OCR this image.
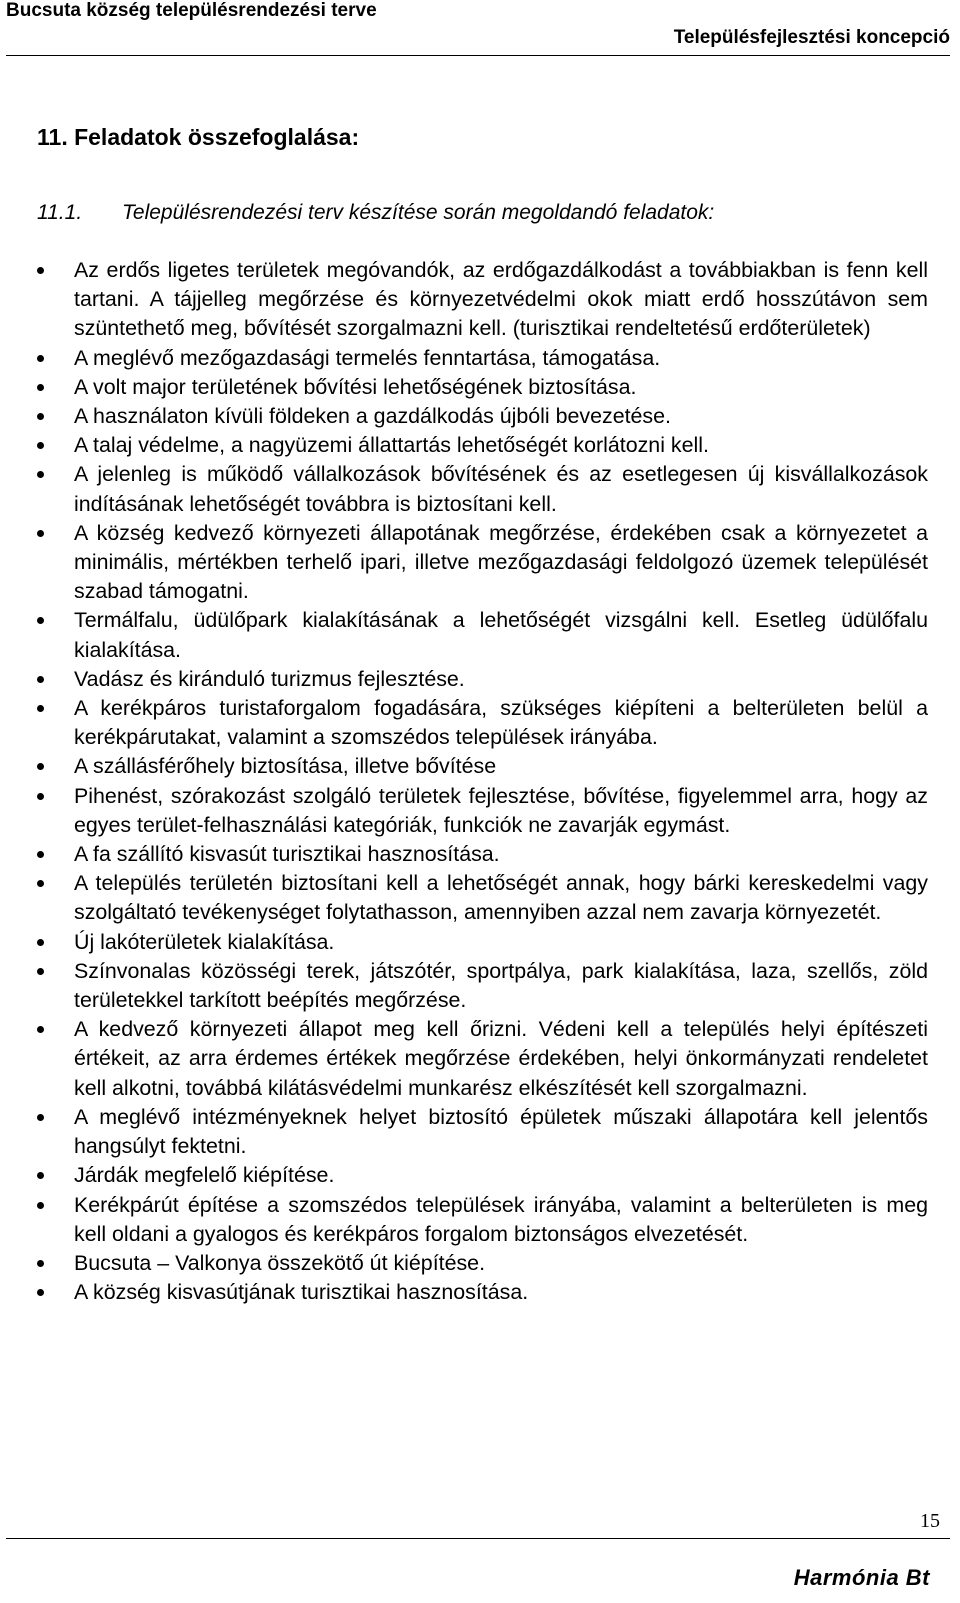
Bucsuta község településrendezési terve
Településfejlesztési koncepció
11. Feladatok összefoglalása:
11.1. Településrendezési terv készítése során megoldandó feladatok:
Az erdős ligetes területek megóvandók, az erdőgazdálkodást a továbbiakban is fenn kell tartani. A tájjelleg megőrzése és környezetvédelmi okok miatt erdő hosszútávon sem szüntethető meg, bővítését szorgalmazni kell. (turisztikai rendeltetésű erdőterületek)
A meglévő mezőgazdasági termelés fenntartása, támogatása.
A volt major területének bővítési lehetőségének biztosítása.
A használaton kívüli földeken a gazdálkodás újbóli bevezetése.
A talaj védelme, a nagyüzemi állattartás lehetőségét korlátozni kell.
A jelenleg is működő vállalkozások bővítésének és az esetlegesen új kisvállalkozások indításának lehetőségét továbbra is biztosítani kell.
A község kedvező környezeti állapotának megőrzése, érdekében csak a környezetet a minimális, mértékben terhelő ipari, illetve mezőgazdasági feldolgozó üzemek települését szabad támogatni.
Termálfalu, üdülőpark kialakításának a lehetőségét vizsgálni kell. Esetleg üdülőfalu kialakítása.
Vadász és kiránduló turizmus fejlesztése.
A kerékpáros turistaforgalom fogadására, szükséges kiépíteni a belterületen belül a kerékpárutakat, valamint a szomszédos települések irányába.
A szállásférőhely biztosítása, illetve bővítése
Pihenést, szórakozást szolgáló területek fejlesztése, bővítése, figyelemmel arra, hogy az egyes terület-felhasználási kategóriák, funkciók ne zavarják egymást.
A fa szállító kisvasút turisztikai hasznosítása.
A település területén biztosítani kell a lehetőségét annak, hogy bárki kereskedelmi vagy szolgáltató tevékenységet folytathasson, amennyiben azzal nem zavarja környezetét.
Új lakóterületek kialakítása.
Színvonalas közösségi terek, játszótér, sportpálya, park kialakítása, laza, szellős, zöld területekkel tarkított beépítés megőrzése.
A kedvező környezeti állapot meg kell őrizni. Védeni kell a település helyi építészeti értékeit, az arra érdemes értékek megőrzése érdekében, helyi önkormányzati rendeletet kell alkotni, továbbá kilátásvédelmi munkarész elkészítését kell szorgalmazni.
A meglévő intézményeknek helyet biztosító épületek műszaki állapotára kell jelentős hangsúlyt fektetni.
Járdák megfelelő kiépítése.
Kerékpárút építése a szomszédos települések irányába, valamint a belterületen is meg kell oldani a gyalogos és kerékpáros forgalom biztonságos elvezetését.
Bucsuta – Valkonya összekötő út kiépítése.
A község kisvasútjának turisztikai hasznosítása.
15
Harmónia Bt
